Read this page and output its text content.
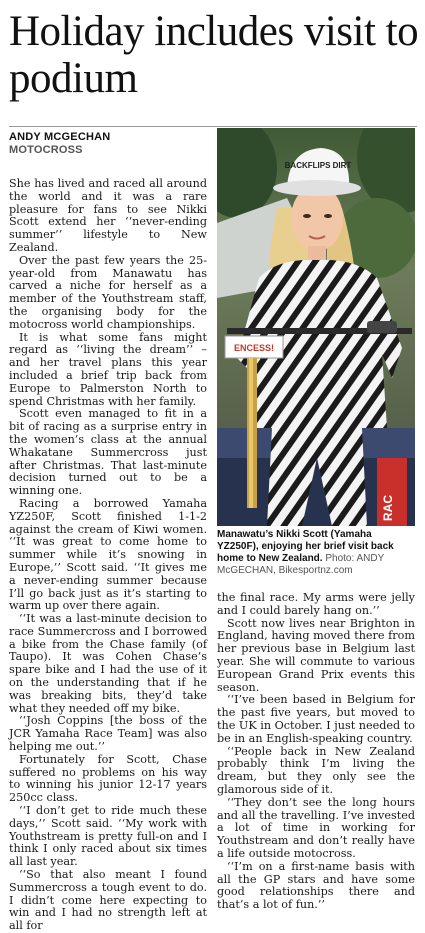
Holiday includes visit to podium
ANDY MCGECHAN
MOTOCROSS

She has lived and raced all around the world and it was a rare pleasure for fans to see Nikki Scott extend her ‘‘never-ending summer’’ lifestyle to New Zealand.

Over the past few years the 25-year-old from Manawatu has carved a niche for herself as a member of the Youthstream staff, the organising body for the motocross world championships.

It is what some fans might regard as ‘‘living the dream’’ – and her travel plans this year included a brief trip back from Europe to Palmerston North to spend Christmas with her family.

Scott even managed to fit in a bit of racing as a surprise entry in the women’s class at the annual Whakatane Summercross just after Christmas. That last-minute decision turned out to be a winning one.

Racing a borrowed Yamaha YZ250F, Scott finished 1-1-2 against the cream of Kiwi women. ‘‘It was great to come home to summer while it’s snowing in Europe,’’ Scott said. ‘‘It gives me a never-ending summer because I’ll go back just as it’s starting to warm up over there again.

‘‘It was a last-minute decision to race Summercross and I borrowed a bike from the Chase family (of Taupo). It was Cohen Chase’s spare bike and I had the use of it on the understanding that if he was breaking bits, they’d take what they needed off my bike.

‘‘Josh Coppins [the boss of the JCR Yamaha Race Team] was also helping me out.’’

Fortunately for Scott, Chase suffered no problems on his way to winning his junior 12-17 years 250cc class.

‘‘I don’t get to ride much these days,’’ Scott said. ‘‘My work with Youthstream is pretty full-on and I think I only raced about six times all last year.

‘‘So that also meant I found Summercross a tough event to do. I didn’t come here expecting to win and I had no strength left at all for

BACKFLIPS DIRT
RAC
ENCESS!
Manawatu’s Nikki Scott (Yamaha YZ250F), enjoying her brief visit back home to New Zealand. Photo: ANDY McGECHAN, Bikesportnz.com

the final race. My arms were jelly and I could barely hang on.’’

Scott now lives near Brighton in England, having moved there from her previous base in Belgium last year. She will commute to various European Grand Prix events this season.

‘‘I’ve been based in Belgium for the past five years, but moved to the UK in October. I just needed to be in an English-speaking country.

‘‘People back in New Zealand probably think I’m living the dream, but they only see the glamorous side of it.

‘‘They don’t see the long hours and all the travelling. I’ve invested a lot of time in working for Youthstream and don’t really have a life outside motocross.

‘‘I’m on a first-name basis with all the GP stars and have some good relationships there and that’s a lot of fun.’’
